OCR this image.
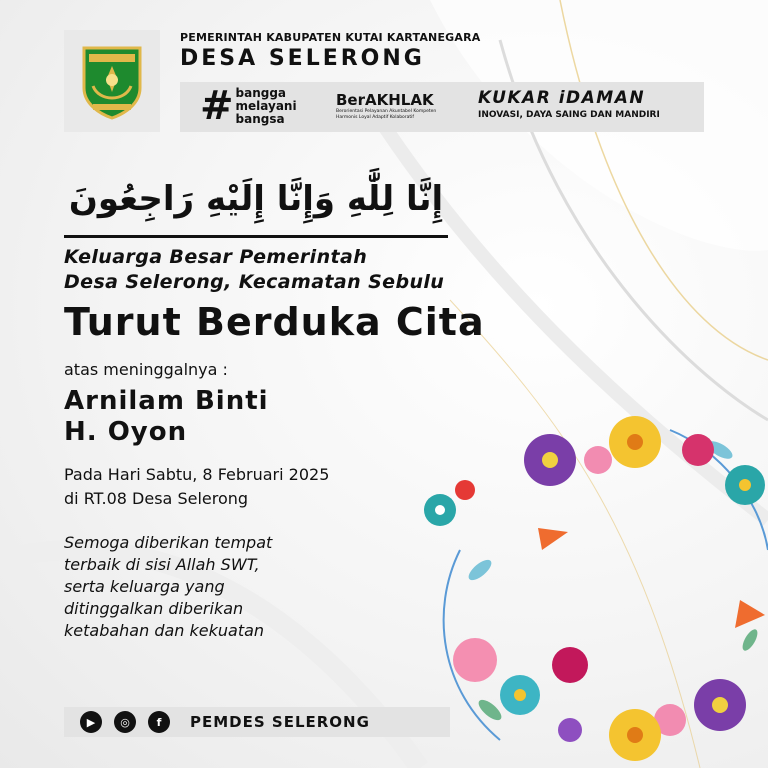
PEMERINTAH KABUPATEN KUTAI KARTANEGARA
DESA SELERONG
# bangga
melayani
bangsa
BerAKHLAK
Berorientasi Pelayanan Akuntabel Kompeten Harmonis Loyal Adaptif Kolaboratif
KUKAR iDAMAN
INOVASI, DAYA SAING DAN MANDIRI
إِنَّا لِلَّٰهِ وَإِنَّا إِلَيْهِ رَاجِعُونَ
Keluarga Besar Pemerintah
Desa Selerong, Kecamatan Sebulu
Turut Berduka Cita
atas meninggalnya :
Arnilam Binti
H. Oyon
Pada Hari Sabtu, 8 Februari 2025
di RT.08 Desa Selerong
Semoga diberikan tempat
terbaik di sisi Allah SWT,
serta keluarga yang
ditinggalkan diberikan
ketabahan dan kekuatan
▶	◎	f	PEMDES SELERONG
